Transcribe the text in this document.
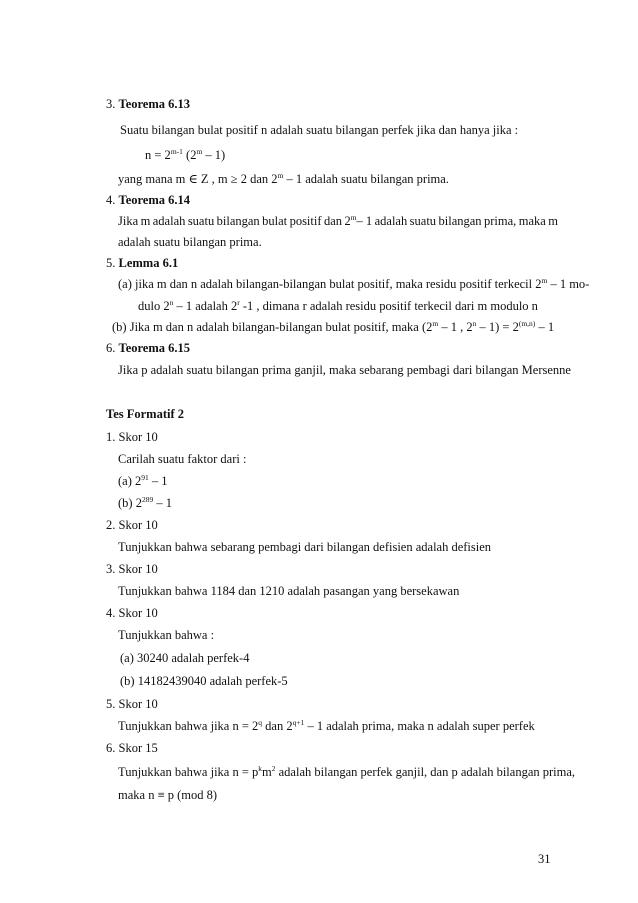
3. Teorema 6.13
Suatu bilangan bulat positif n adalah suatu bilangan perfek jika dan hanya jika :
$n = 2^{m-1}$ (2$^m$ – 1)
yang mana m ∈ Z , m ≥ 2 dan 2$^m$ – 1 adalah suatu bilangan prima.
4. Teorema 6.14
Jika m adalah suatu bilangan bulat positif dan 2$^m$– 1 adalah suatu bilangan prima, maka m
adalah suatu bilangan prima.
5. Lemma 6.1
(a) jika m dan n adalah bilangan-bilangan bulat positif, maka residu positif terkecil 2$^m$ – 1 mo-
dulo 2$^n$ – 1 adalah 2$^r$ -1 , dimana r adalah residu positif terkecil dari m modulo n
(b) Jika m dan n adalah bilangan-bilangan bulat positif, maka (2$^m$ – 1 , $2^n - 1) = 2^{(m,n)} - 1$
6. Teorema 6.15
Jika p adalah suatu bilangan prima ganjil, maka sebarang pembagi dari bilangan Mersenne
Tes Formatif 2
1. Skor 10
Carilah suatu faktor dari :
(a) $2^{91} - 1$
(b) $2^{289} - 1$
2. Skor 10
Tunjukkan bahwa sebarang pembagi dari bilangan defisien adalah defisien
3. Skor 10
Tunjukkan bahwa 1184 dan 1210 adalah pasangan yang bersekawan
4. Skor 10
Tunjukkan bahwa :
(a) 30240 adalah perfek-4
(b) 14182439040 adalah perfek-5
5. Skor 10
Tunjukkan bahwa jika $n = 2^q$ dan $2^{q+1} - 1$ adalah prima, maka n adalah super perfek
6. Skor 15
Tunjukkan bahwa jika $n = p^km^2$ adalah bilangan perfek ganjil, dan p adalah bilangan prima,
maka n ≡ p (mod 8)
31
